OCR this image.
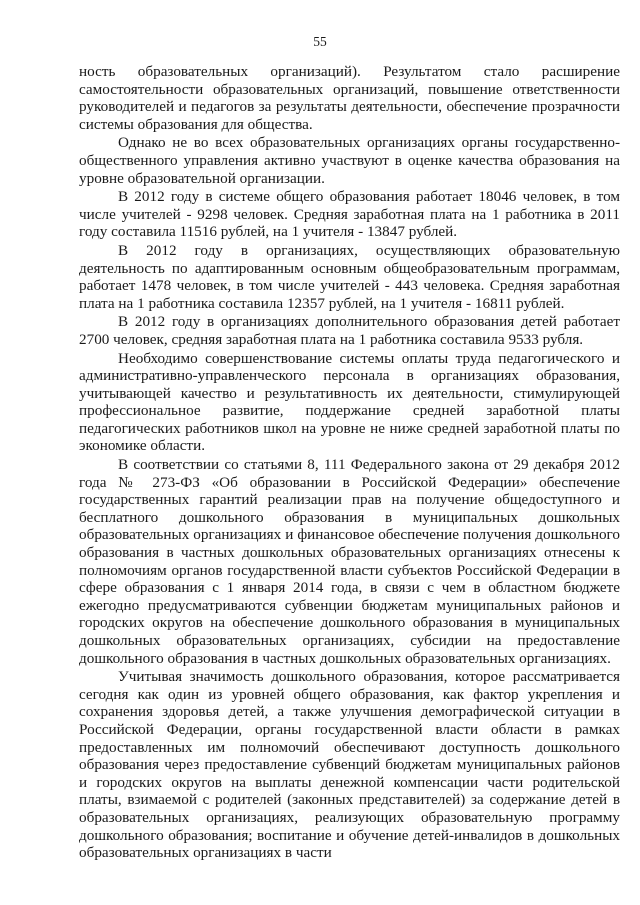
55

ность образовательных организаций). Результатом стало расширение самостоятельности образовательных организаций, повышение ответственности руководителей и педагогов за результаты деятельности, обеспечение прозрачности системы образования для общества.

Однако не во всех образовательных организациях органы государственно-общественного управления активно участвуют в оценке качества образования на уровне образовательной организации.

В 2012 году в системе общего образования работает 18046 человек, в том числе учителей - 9298 человек. Средняя заработная плата на 1 работника в 2011 году составила 11516 рублей, на 1 учителя - 13847 рублей.

В 2012 году в организациях, осуществляющих образовательную деятельность по адаптированным основным общеобразовательным программам, работает 1478 человек, в том числе учителей - 443 человека. Средняя заработная плата на 1 работника составила 12357 рублей, на 1 учителя - 16811 рублей.

В 2012 году в организациях дополнительного образования детей работает 2700 человек, средняя заработная плата на 1 работника составила 9533 рубля.

Необходимо совершенствование системы оплаты труда педагогического и административно-управленческого персонала в организациях образования, учитывающей качество и результативность их деятельности, стимулирующей профессиональное развитие, поддержание средней заработной платы педагогических работников школ на уровне не ниже средней заработной платы по экономике области.

В соответствии со статьями 8, 111 Федерального закона от 29 декабря 2012 года № 273-ФЗ «Об образовании в Российской Федерации» обеспечение государственных гарантий реализации прав на получение общедоступного и бесплатного дошкольного образования в муниципальных дошкольных образовательных организациях и финансовое обеспечение получения дошкольного образования в частных дошкольных образовательных организациях отнесены к полномочиям органов государственной власти субъектов Российской Федерации в сфере образования с 1 января 2014 года, в связи с чем в областном бюджете ежегодно предусматриваются субвенции бюджетам муниципальных районов и городских округов на обеспечение дошкольного образования в муниципальных дошкольных образовательных организациях, субсидии на предоставление дошкольного образования в частных дошкольных образовательных организациях.

Учитывая значимость дошкольного образования, которое рассматривается сегодня как один из уровней общего образования, как фактор укрепления и сохранения здоровья детей, а также улучшения демографической ситуации в Российской Федерации, органы государственной власти области в рамках предоставленных им полномочий обеспечивают доступность дошкольного образования через предоставление субвенций бюджетам муниципальных районов и городских округов на выплаты денежной компенсации части родительской платы, взимаемой с родителей (законных представителей) за содержание детей в образовательных организациях, реализующих образовательную программу дошкольного образования; воспитание и обучение детей-инвалидов в дошкольных образовательных организациях в части
